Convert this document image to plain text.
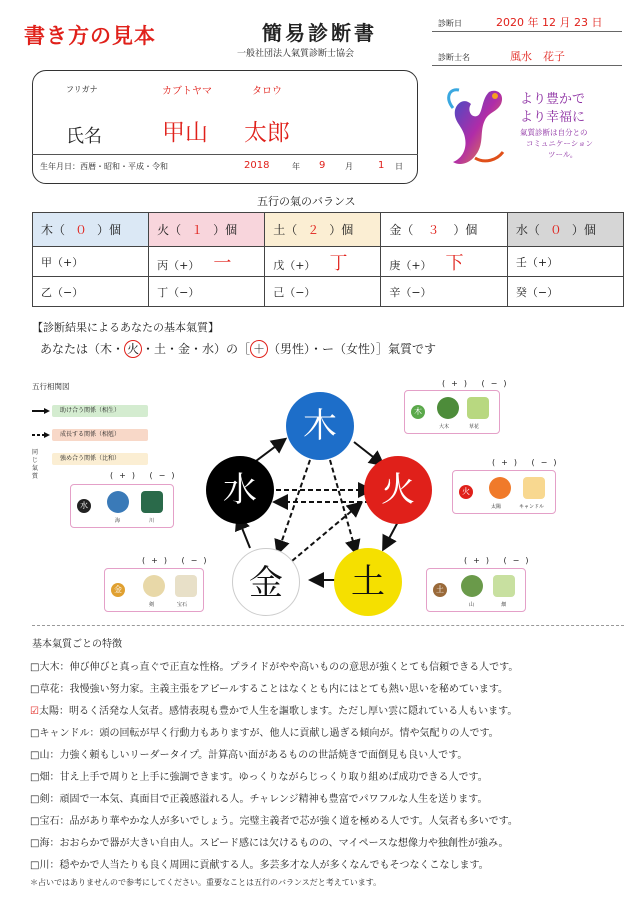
書き方の見本	簡易診断書
一般社団法人氣質診断士協会
診断日	2020 年 12 月 23 日
診断士名	風水　花子
フリガナ	カブトヤマ	タロウ
氏名	甲山 太郎
生年月日：西暦・昭和・平成・令和	2018	年 9 月	1 日
より豊かで
より幸福に
氣質診断は自分との
コミュニケーション
ツール。
五行の氣のバランス
木（ ０ ）個	火（ １ ）個	土（ ２ ）個	金（ ３ ）個	水（ ０ ）個
甲（+）	丙（+） 一	戊（+） 丁	庚（+） 下	壬（+）
乙（−）	丁（−）	己（−）	辛（−）	癸（−）
【診断結果によるあなたの基本氣質】
あなたは（木・ 火 ・土・金・水）の［ ＋ （男性）・ー（女性）］氣質です
五行相関図
助け合う関係（相生）
成長する関係（相剋）
同じ
氣質
強め合う関係（比和）
木
火
土
金
水
(+) (−)
木
大木	草花
(+) (−)
火
太陽	キャンドル
(+) (−)
土
山	畑
(+) (−)
金
剣	宝石
(+) (−)
水
海	川
基本氣質ごとの特徴
□大木：伸び伸びと真っ直ぐで正直な性格。プライドがやや高いものの意思が強くとても信頼できる人です。
□草花：我慢強い努力家。主義主張をアピールすることはなくとも内にはとても熱い思いを秘めています。
☑太陽：明るく活発な人気者。感情表現も豊かで人生を謳歌します。ただし厚い雲に隠れている人もいます。
□キャンドル：頭の回転が早く行動力もありますが、他人に貢献し過ぎる傾向が。情や気配りの人です。
□山：力強く頼もしいリーダータイプ。計算高い面があるものの世話焼きで面倒見も良い人です。
□畑：甘え上手で周りと上手に強調できます。ゆっくりながらじっくり取り組めば成功できる人です。
□剣：頑固で一本気、真面目で正義感溢れる人。チャレンジ精神も豊富でパワフルな人生を送ります。
□宝石：品があり華やかな人が多いでしょう。完璧主義者で芯が強く道を極める人です。人気者も多いです。
□海：おおらかで器が大きい自由人。スピード感には欠けるものの、マイペースな想像力や独創性が強み。
□川：穏やかで人当たりも良く周囲に貢献する人。多芸多才な人が多くなんでもそつなくこなします。
＊占いではありませんので参考にしてください。重要なことは五行のバランスだと考えています。
